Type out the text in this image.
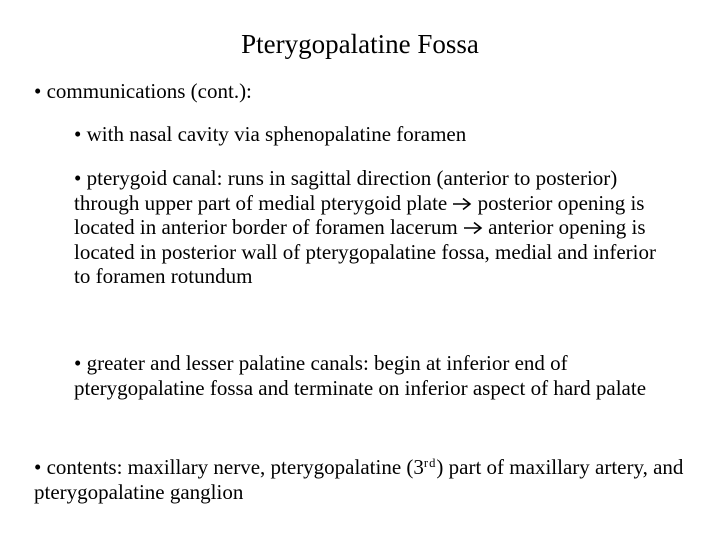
Pterygopalatine Fossa
• communications (cont.):
• with nasal cavity via sphenopalatine foramen
• pterygoid canal: runs in sagittal direction (anterior to posterior) through upper part of medial pterygoid plate posterior opening is located in anterior border of foramen lacerum anterior opening is located in posterior wall of pterygopalatine fossa, medial and inferior to foramen rotundum
• greater and lesser palatine canals: begin at inferior end of pterygopalatine fossa and terminate on inferior aspect of hard palate
• contents: maxillary nerve, pterygopalatine (3rd) part of maxillary artery, and pterygopalatine ganglion
